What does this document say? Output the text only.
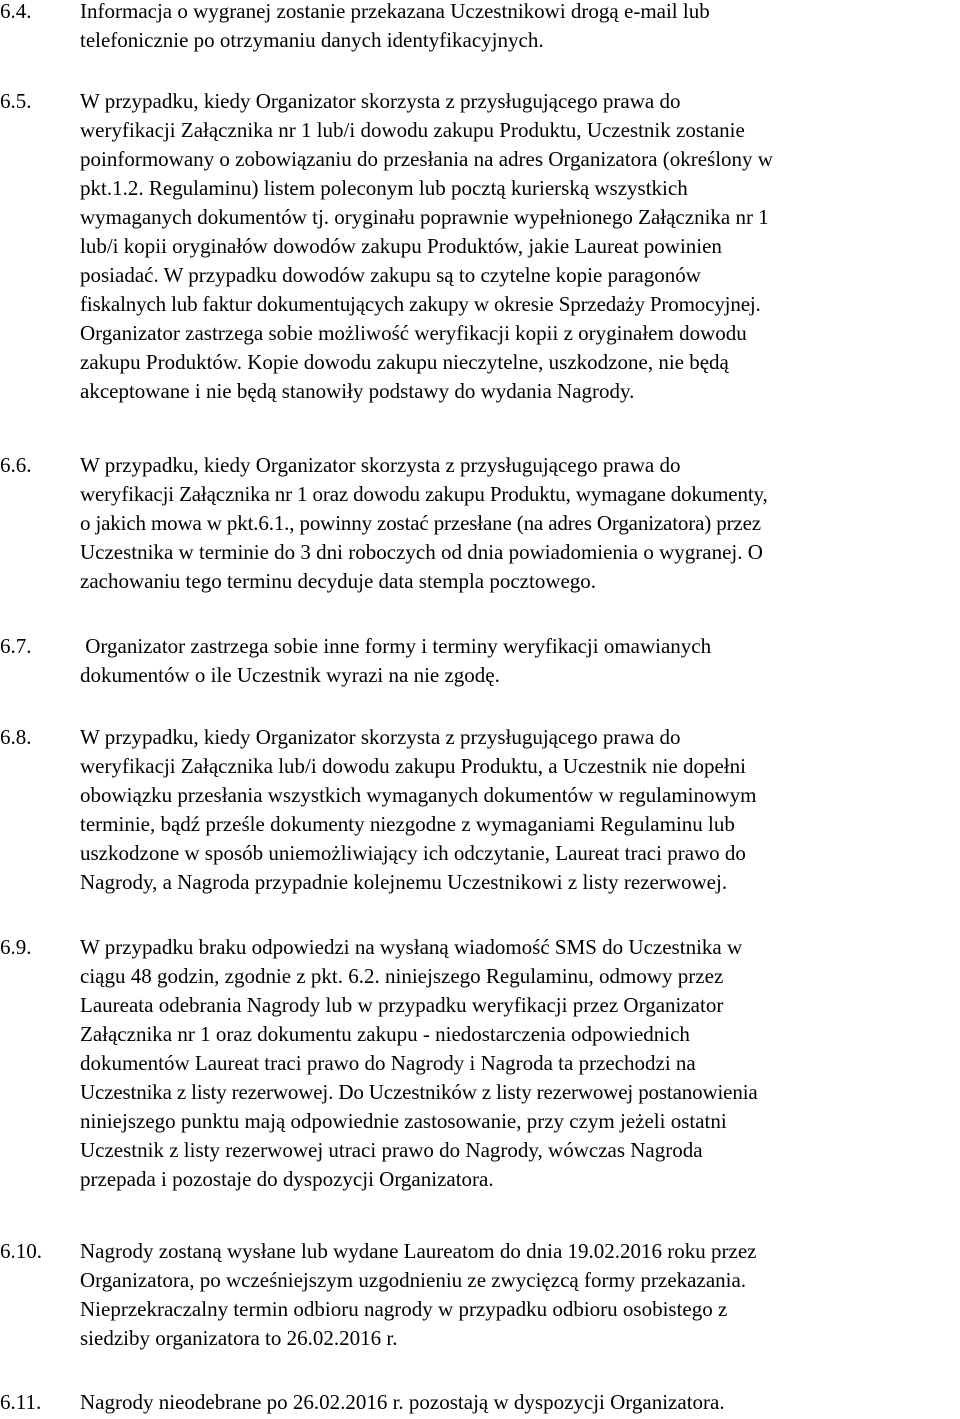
6.4. Informacja o wygranej zostanie przekazana Uczestnikowi drogą e-mail lub
telefonicznie po otrzymaniu danych identyfikacyjnych.
6.5. W przypadku, kiedy Organizator skorzysta z przysługującego prawa do
weryfikacji Załącznika nr 1 lub/i dowodu zakupu Produktu, Uczestnik zostanie
poinformowany o zobowiązaniu do przesłania na adres Organizatora (określony w
pkt.1.2. Regulaminu) listem poleconym lub pocztą kurierską wszystkich
wymaganych dokumentów tj. oryginału poprawnie wypełnionego Załącznika nr 1
lub/i kopii oryginałów dowodów zakupu Produktów, jakie Laureat powinien
posiadać. W przypadku dowodów zakupu są to czytelne kopie paragonów
fiskalnych lub faktur dokumentujących zakupy w okresie Sprzedaży Promocyjnej.
Organizator zastrzega sobie możliwość weryfikacji kopii z oryginałem dowodu
zakupu Produktów. Kopie dowodu zakupu nieczytelne, uszkodzone, nie będą
akceptowane i nie będą stanowiły podstawy do wydania Nagrody.
6.6. W przypadku, kiedy Organizator skorzysta z przysługującego prawa do
weryfikacji Załącznika nr 1 oraz dowodu zakupu Produktu, wymagane dokumenty,
o jakich mowa w pkt.6.1., powinny zostać przesłane (na adres Organizatora) przez
Uczestnika w terminie do 3 dni roboczych od dnia powiadomienia o wygranej. O
zachowaniu tego terminu decyduje data stempla pocztowego.
6.7. Organizator zastrzega sobie inne formy i terminy weryfikacji omawianych
dokumentów o ile Uczestnik wyrazi na nie zgodę.
6.8. W przypadku, kiedy Organizator skorzysta z przysługującego prawa do
weryfikacji Załącznika lub/i dowodu zakupu Produktu, a Uczestnik nie dopełni
obowiązku przesłania wszystkich wymaganych dokumentów w regulaminowym
terminie, bądź prześle dokumenty niezgodne z wymaganiami Regulaminu lub
uszkodzone w sposób uniemożliwiający ich odczytanie, Laureat traci prawo do
Nagrody, a Nagroda przypadnie kolejnemu Uczestnikowi z listy rezerwowej.
6.9. W przypadku braku odpowiedzi na wysłaną wiadomość SMS do Uczestnika w
ciągu 48 godzin, zgodnie z pkt. 6.2. niniejszego Regulaminu, odmowy przez
Laureata odebrania Nagrody lub w przypadku weryfikacji przez Organizator
Załącznika nr 1 oraz dokumentu zakupu - niedostarczenia odpowiednich
dokumentów Laureat traci prawo do Nagrody i Nagroda ta przechodzi na
Uczestnika z listy rezerwowej. Do Uczestników z listy rezerwowej postanowienia
niniejszego punktu mają odpowiednie zastosowanie, przy czym jeżeli ostatni
Uczestnik z listy rezerwowej utraci prawo do Nagrody, wówczas Nagroda
przepada i pozostaje do dyspozycji Organizatora.
6.10. Nagrody zostaną wysłane lub wydane Laureatom do dnia 19.02.2016 roku przez
Organizatora, po wcześniejszym uzgodnieniu ze zwycięzcą formy przekazania.
Nieprzekraczalny termin odbioru nagrody w przypadku odbioru osobistego z
siedziby organizatora to 26.02.2016 r.
6.11. Nagrody nieodebrane po 26.02.2016 r. pozostają w dyspozycji Organizatora.
